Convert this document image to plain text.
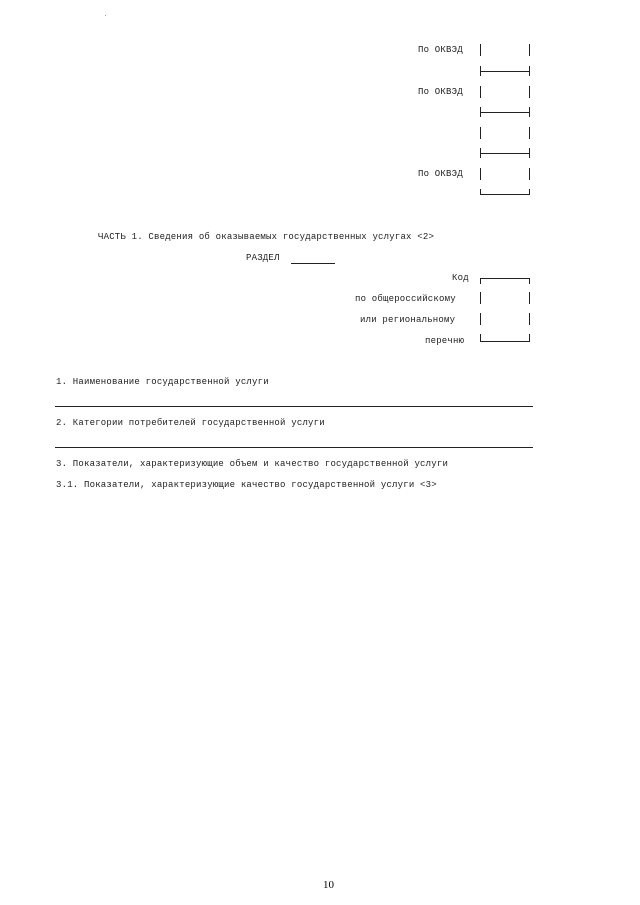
По ОКВЭД
По ОКВЭД
По ОКВЭД
ЧАСТЬ 1. Сведения об оказываемых государственных услугах <2>
РАЗДЕЛ
Код
по общероссийскому
или региональному
перечню
1. Наименование государственной услуги
2. Категории потребителей государственной услуги
3. Показатели, характеризующие объем и качество государственной услуги
3.1. Показатели, характеризующие качество государственной услуги <3>
10
